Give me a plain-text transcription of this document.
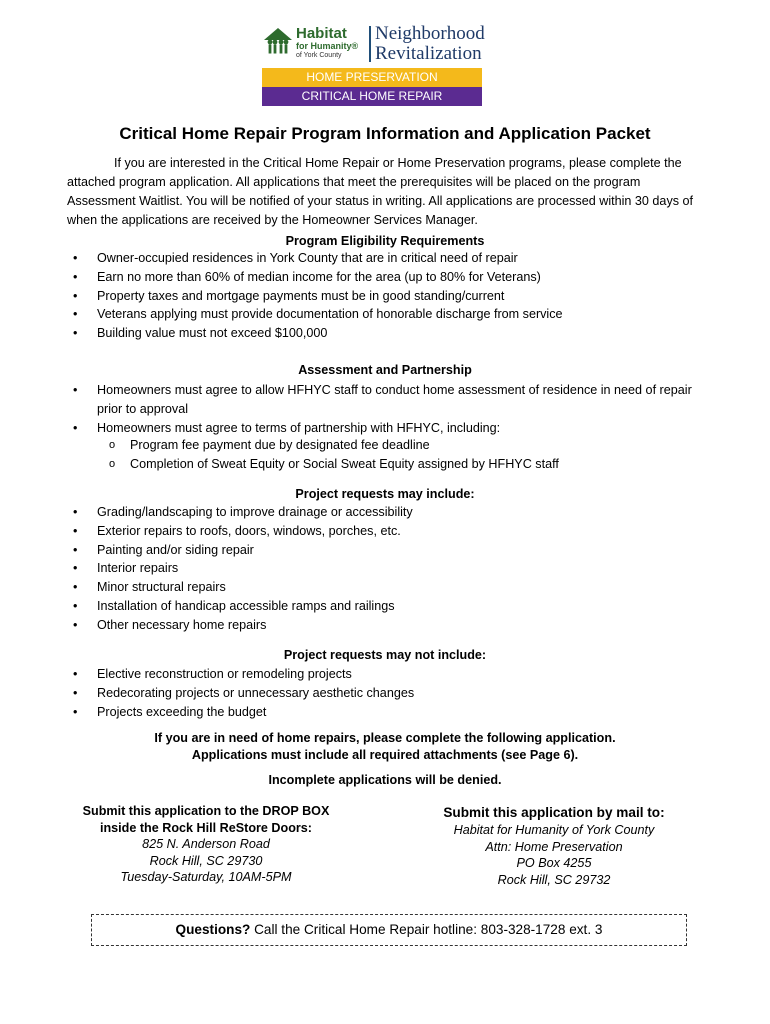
Habitat
for Humanity®
of York County
Neighborhood
Revitalization
HOME PRESERVATION
CRITICAL HOME REPAIR
Critical Home Repair Program Information and Application Packet
If you are interested in the Critical Home Repair or Home Preservation programs, please complete the attached program application. All applications that meet the prerequisites will be placed on the program Assessment Waitlist. You will be notified of your status in writing. All applications are processed within 30 days of when the applications are received by the Homeowner Services Manager.
Program Eligibility Requirements
• Owner-occupied residences in York County that are in critical need of repair
• Earn no more than 60% of median income for the area (up to 80% for Veterans)
• Property taxes and mortgage payments must be in good standing/current
• Veterans applying must provide documentation of honorable discharge from service
• Building value must not exceed $100,000
Assessment and Partnership
• Homeowners must agree to allow HFHYC staff to conduct home assessment of residence in need of repair prior to approval
• Homeowners must agree to terms of partnership with HFHYC, including:
o Program fee payment due by designated fee deadline
o Completion of Sweat Equity or Social Sweat Equity assigned by HFHYC staff
Project requests may include:
• Grading/landscaping to improve drainage or accessibility
• Exterior repairs to roofs, doors, windows, porches, etc.
• Painting and/or siding repair
• Interior repairs
• Minor structural repairs
• Installation of handicap accessible ramps and railings
• Other necessary home repairs
Project requests may not include:
• Elective reconstruction or remodeling projects
• Redecorating projects or unnecessary aesthetic changes
• Projects exceeding the budget
If you are in need of home repairs, please complete the following application.
Applications must include all required attachments (see Page 6).
Incomplete applications will be denied.
Submit this application to the DROP BOX
inside the Rock Hill ReStore Doors:
825 N. Anderson Road
Rock Hill, SC 29730
Tuesday-Saturday, 10AM-5PM
Submit this application by mail to:
Habitat for Humanity of York County
Attn: Home Preservation
PO Box 4255
Rock Hill, SC 29732
Questions? Call the Critical Home Repair hotline: 803-328-1728 ext. 3
